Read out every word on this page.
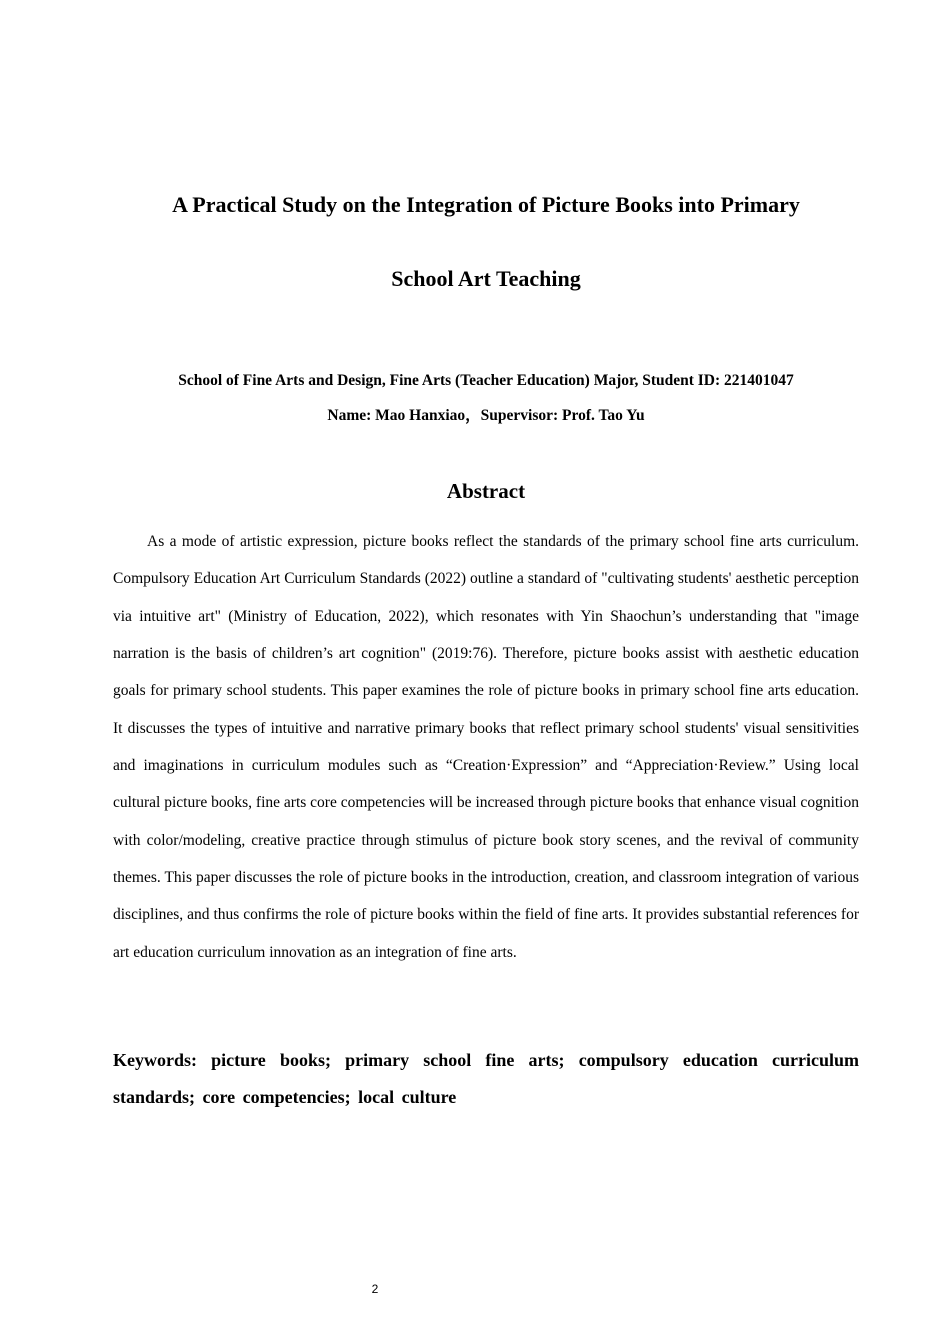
A Practical Study on the Integration of Picture Books into Primary
School Art Teaching
School of Fine Arts and Design, Fine Arts (Teacher Education) Major, Student ID: 221401047
Name: Mao Hanxiao，Supervisor: Prof. Tao Yu
Abstract

As a mode of artistic expression, picture books reflect the standards of the primary school fine arts curriculum. Compulsory Education Art Curriculum Standards (2022) outline a standard of "cultivating students' aesthetic perception via intuitive art" (Ministry of Education, 2022), which resonates with Yin Shaochun’s understanding that "image narration is the basis of children’s art cognition" (2019:76). Therefore, picture books assist with aesthetic education goals for primary school students. This paper examines the role of picture books in primary school fine arts education. It discusses the types of intuitive and narrative primary books that reflect primary school students' visual sensitivities and imaginations in curriculum modules such as “Creation·Expression” and “Appreciation·Review.” Using local cultural picture books, fine arts core competencies will be increased through picture books that enhance visual cognition with color/modeling, creative practice through stimulus of picture book story scenes, and the revival of community themes. This paper discusses the role of picture books in the introduction, creation, and classroom integration of various disciplines, and thus confirms the role of picture books within the field of fine arts. It provides substantial references for art education curriculum innovation as an integration of fine arts.

Keywords: picture books; primary school fine arts; compulsory education curriculum standards; core competencies; local culture

2
